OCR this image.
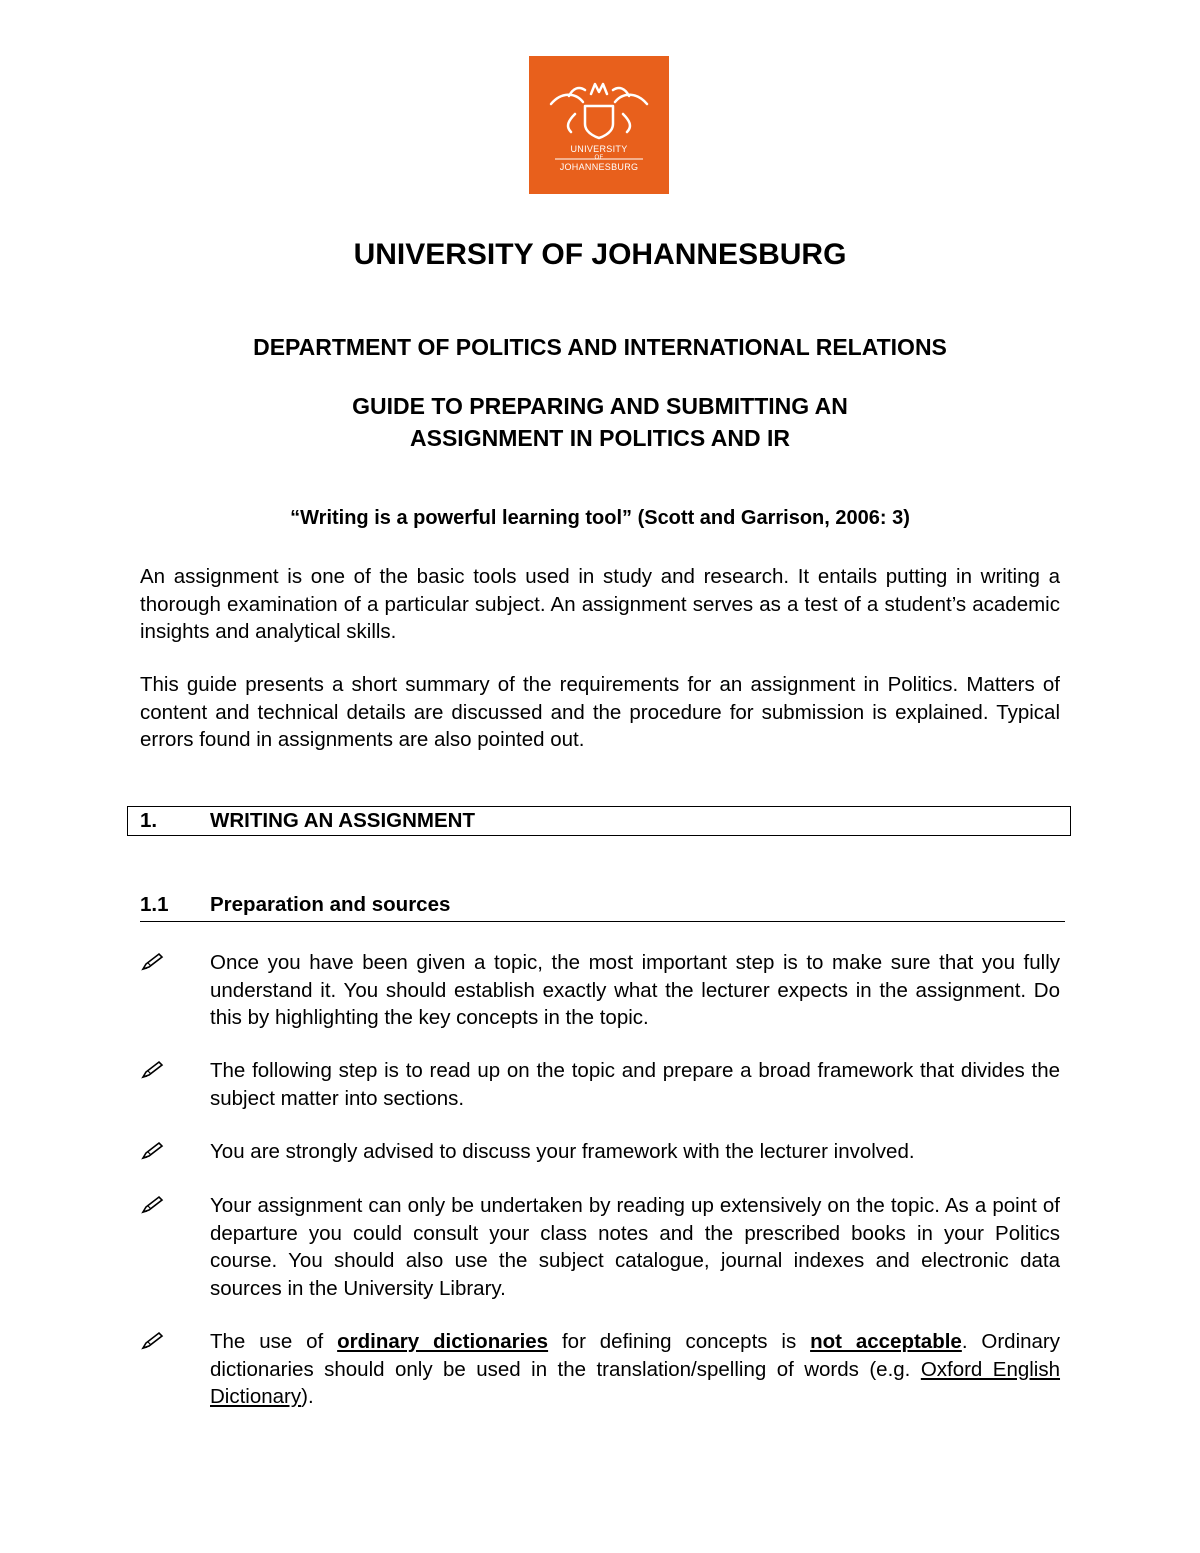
UNIVERSITY
OF
JOHANNESBURG
UNIVERSITY OF JOHANNESBURG
DEPARTMENT OF POLITICS AND INTERNATIONAL RELATIONS
GUIDE TO PREPARING AND SUBMITTING AN
ASSIGNMENT IN POLITICS AND IR
“Writing is a powerful learning tool” (Scott and Garrison, 2006: 3)
An assignment is one of the basic tools used in study and research. It entails putting in writing a thorough examination of a particular subject. An assignment serves as a test of a student’s academic insights and analytical skills.
This guide presents a short summary of the requirements for an assignment in Politics. Matters of content and technical details are discussed and the procedure for submission is explained. Typical errors found in assignments are also pointed out.
1.	WRITING AN ASSIGNMENT
1.1 Preparation and sources
Once you have been given a topic, the most important step is to make sure that you fully understand it. You should establish exactly what the lecturer expects in the assignment. Do this by highlighting the key concepts in the topic.
The following step is to read up on the topic and prepare a broad framework that divides the subject matter into sections.
You are strongly advised to discuss your framework with the lecturer involved.
Your assignment can only be undertaken by reading up extensively on the topic. As a point of departure you could consult your class notes and the prescribed books in your Politics course. You should also use the subject catalogue, journal indexes and electronic data sources in the University Library.
The use of ordinary dictionaries for defining concepts is not acceptable. Ordinary dictionaries should only be used in the translation/spelling of words (e.g. Oxford English Dictionary).
